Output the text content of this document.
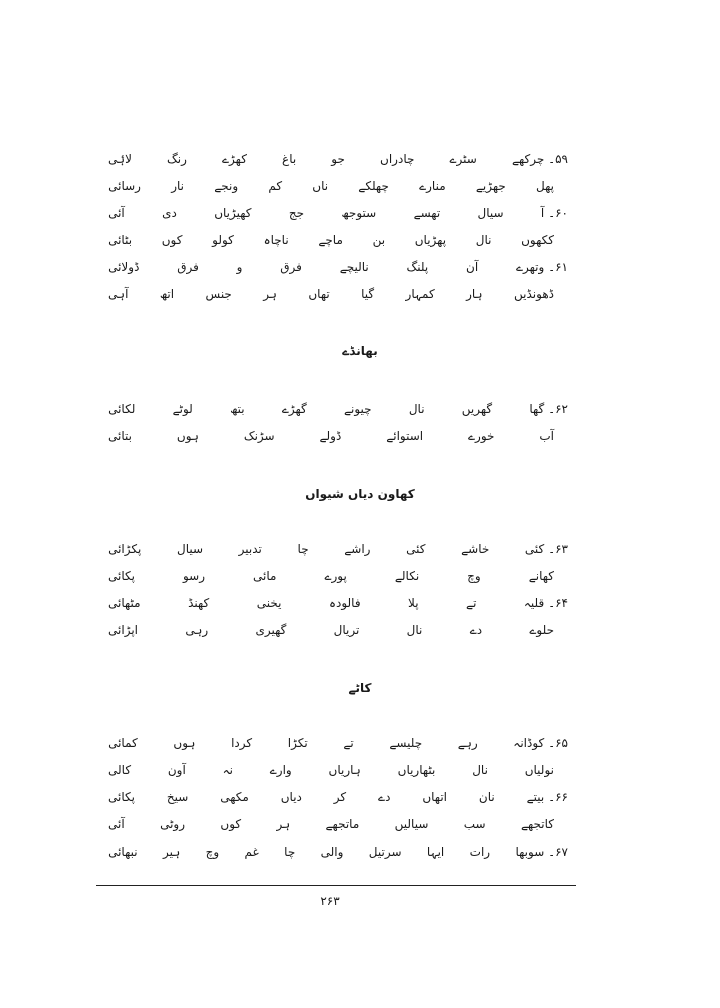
۵۹۔ چرکھے
سٹرے
چادراں
جو
باغ
کھڑے
رنگ
لاۂی
پھل
جھڑیے
منارے
چھلکے
ناں
کم
ونجے
نار
رسائی
۶۰۔ آ
سیال
تھسے
ستوجھ
جج
کھیڑیاں
دی
آئی
ککھوں
نال
پھڑیاں
بن
ماچے
ناچاہ
کولو
کوں
بٹائی
۶۱۔ وتھرے
آن
پلنگ
نالیچے
فرق
و
فرق
ڈولائی
ڈھونڈیں
ہار
کمہار
گیا
تھاں
ہر
جنس
اتھ
آہی
بھانڈے
۶۲۔ گھا
گھریں
نال
چیونے
گھڑے
بتھ
لوٹے
لکائی
آب
خورے
استوائے
ڈولے
سڑنک
ہوں
بتائی
کھاون دیاں شیواں
۶۳۔ کئی
خاشے
کئی
راشے
چا
تدبیر
سیال
پکڑائی
کھانے
وچ
نکالے
پورے
مائی
رسو
پکائی
۶۴۔ قلیہ
تے
پلا
فالودہ
یخنی
کھنڈ
مٹھائی
حلوے
دے
نال
تریال
گھیری
رہی
اپڑائی
کاٹے
۶۵۔ کوڈانہ
رہے
چلیسے
تے
تکڑا
کردا
ہوں
کمائی
نولیاں
نال
بٹھاریاں
ہاریاں
وارے
نہ
آون
کالی
۶۶۔ بیتے
نان
اتھاں
دے
کر
دیاں
مکھی
سیخ
پکائی
کاتجھے
سب
سیالیں
ماتجھے
ہر
کوں
روٹی
آئی
۶۷۔ سوبھا
رات
ایہا
سرتیل
والی
چا
غم
وچ
ہیر
نبھائی
۲۶۳
